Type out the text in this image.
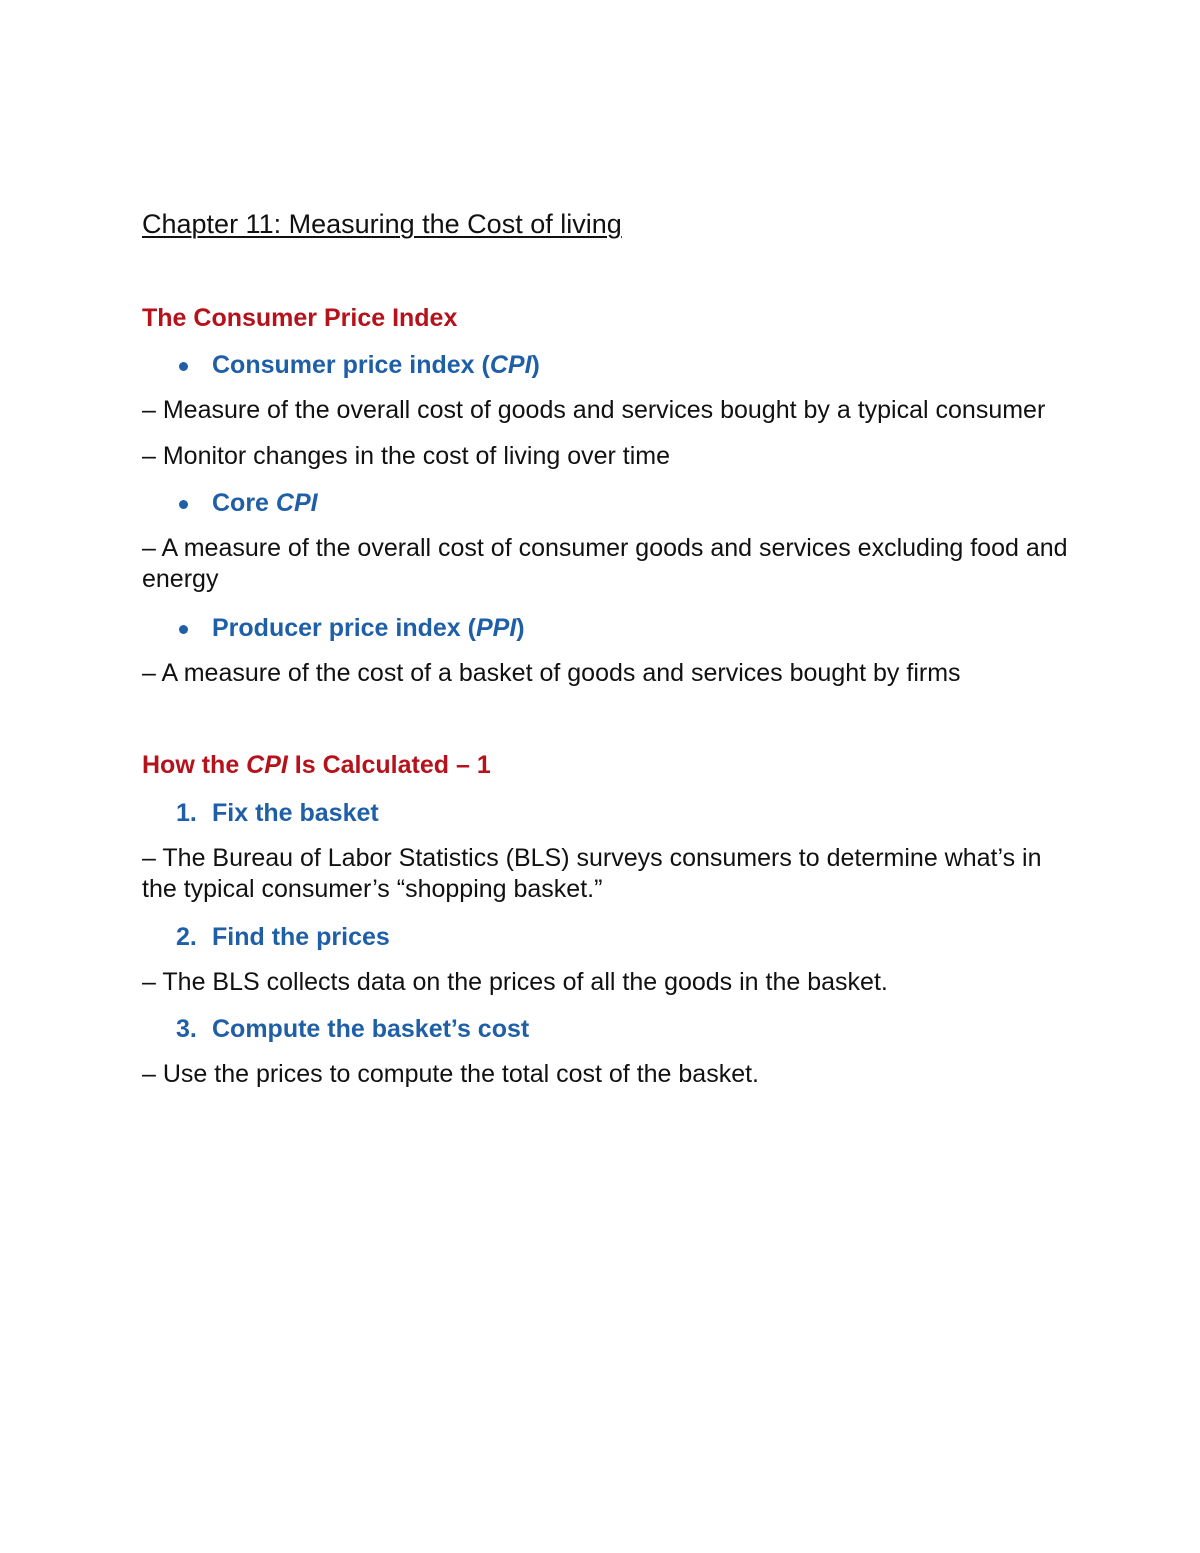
Chapter 11: Measuring the Cost of living
The Consumer Price Index
Consumer price index (CPI)

– Measure of the overall cost of goods and services bought by a typical consumer

– Monitor changes in the cost of living over time

Core CPI

– A measure of the overall cost of consumer goods and services excluding food and energy

Producer price index (PPI)

– A measure of the cost of a basket of goods and services bought by firms

How the CPI Is Calculated – 1
1. Fix the basket

– The Bureau of Labor Statistics (BLS) surveys consumers to determine what’s in the typical consumer’s “shopping basket.”

2. Find the prices

– The BLS collects data on the prices of all the goods in the basket.

3. Compute the basket’s cost

– Use the prices to compute the total cost of the basket.
